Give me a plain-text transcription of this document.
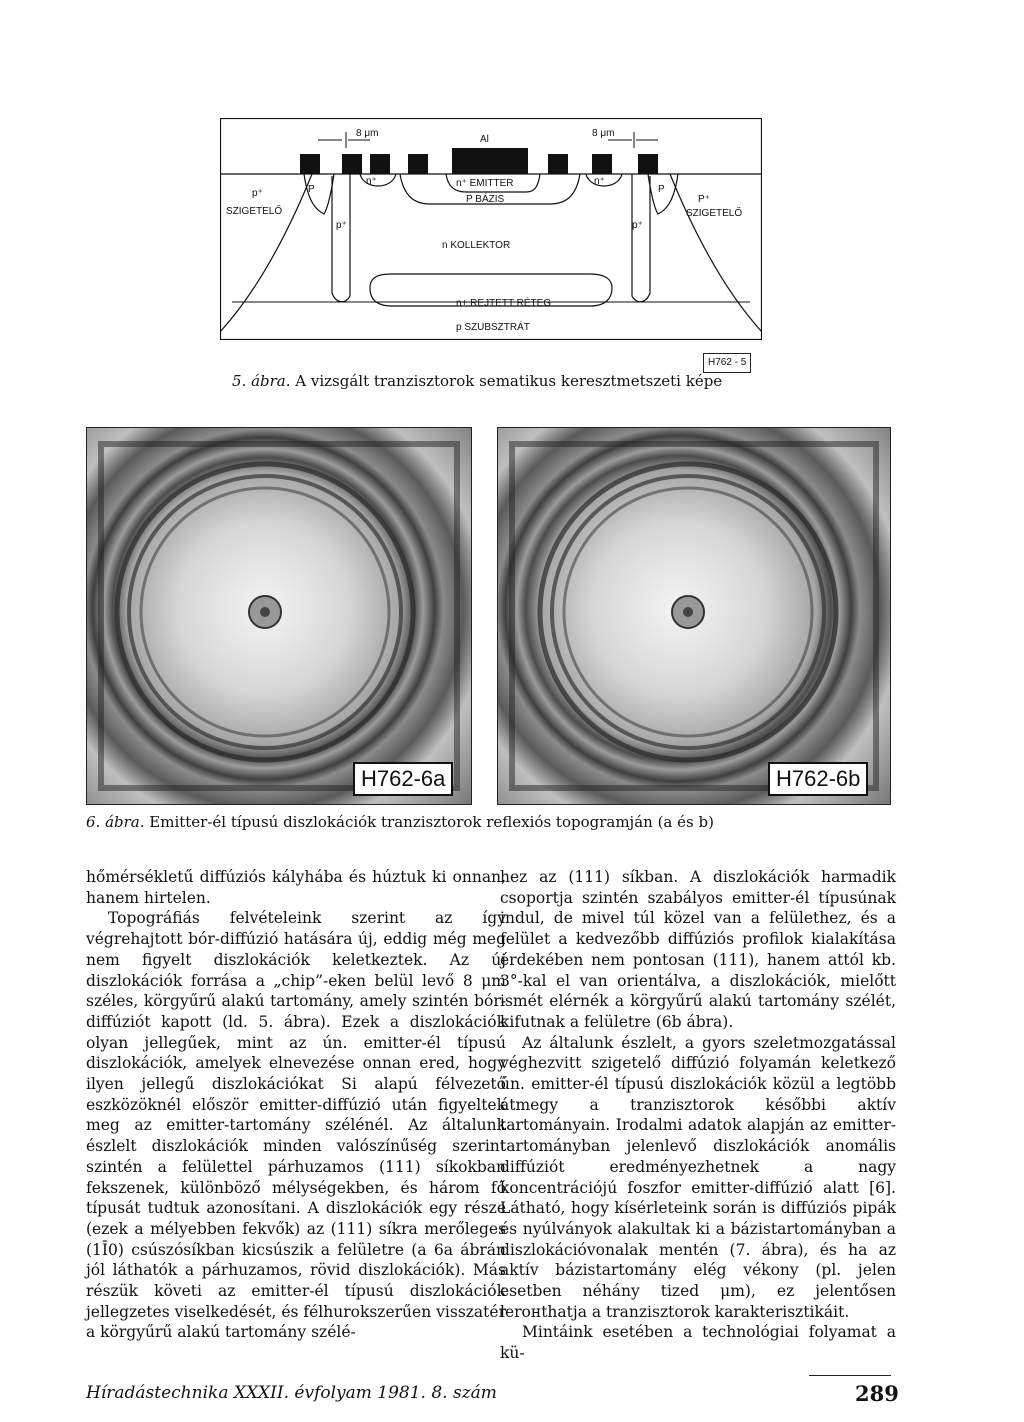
8 μm
Al
8 μm
p⁺
SZIGETELŐ
P
n⁺	n⁺ EMITTER
P BÁZIS
n⁺
P
P⁺
SZIGETELŐ
p⁺	p⁺
n KOLLEKTOR
n+ REJTETT RÉTEG
p SZUBSZTRÁT
H762 - 5
5. ábra. A vizsgált tranzisztorok sematikus keresztmetszeti képe
H762-6a	H762-6b
6. ábra. Emitter-él típusú diszlokációk tranzisztorok reflexiós topogramján (a és b)

hőmérsékletű diffúziós kályhába és húztuk ki onnan, hanem hirtelen.

Topográfiás felvételeink szerint az így végrehajtott bór-diffúzió hatására új, eddig még meg nem figyelt diszlokációk keletkeztek. Az új diszlokációk forrása a „chip”-eken belül levő 8 μm széles, körgyűrű alakú tartomány, amely szintén bór-diffúziót kapott (ld. 5. ábra). Ezek a diszlokációk olyan jellegűek, mint az ún. emitter-él típusú diszlokációk, amelyek elnevezése onnan ered, hogy ilyen jellegű diszlokációkat Si alapú félvezető eszközöknél először emitter-diffúzió után figyeltek meg az emitter-tartomány szélénél. Az általunk észlelt diszlokációk minden valószínűség szerint szintén a felülettel párhuzamos (111) síkokban fekszenek, különböző mélységekben, és három fő típusát tudtuk azonosítani. A diszlokációk egy része (ezek a mélyebben fekvők) az (111) síkra merőleges (1Ī0) csúszósíkban kicsúszik a felületre (a 6a ábrán jól láthatók a párhuzamos, rövid diszlokációk). Más részük követi az emitter-él típusú diszlokációk jellegzetes viselkedését, és félhurokszerűen visszatér a körgyűrű alakú tartomány szélé-

hez az (111) síkban. A diszlokációk harmadik csoportja szintén szabályos emitter-él típusúnak indul, de mivel túl közel van a felülethez, és a felület a kedvezőbb diffúziós profilok kialakítása érdekében nem pontosan (111), hanem attól kb. 3°-kal el van orientálva, a diszlokációk, mielőtt ismét elérnék a körgyűrű alakú tartomány szélét, kifutnak a felületre (6b ábra).

Az általunk észlelt, a gyors szeletmozgatással véghezvitt szigetelő diffúzió folyamán keletkező ún. emitter-él típusú diszlokációk közül a legtöbb átmegy a tranzisztorok későbbi aktív tartományain. Irodalmi adatok alapján az emitter-tartományban jelenlevő diszlokációk anomális diffúziót eredményezhetnek a nagy koncentrációjú foszfor emitter-diffúzió alatt [6]. Látható, hogy kísérleteink során is diffúziós pipák és nyúlványok alakultak ki a bázistartományban a diszlokációvonalak mentén (7. ábra), és ha az aktív bázistartomány elég vékony (pl. jelen esetben néhány tized μm), ez jelentősen lerонthatja a tranzisztorok karakterisztikáit.

Mintáink esetében a technológiai folyamat a kü-

Híradástechnika XXXII. évfolyam 1981. 8. szám	289
